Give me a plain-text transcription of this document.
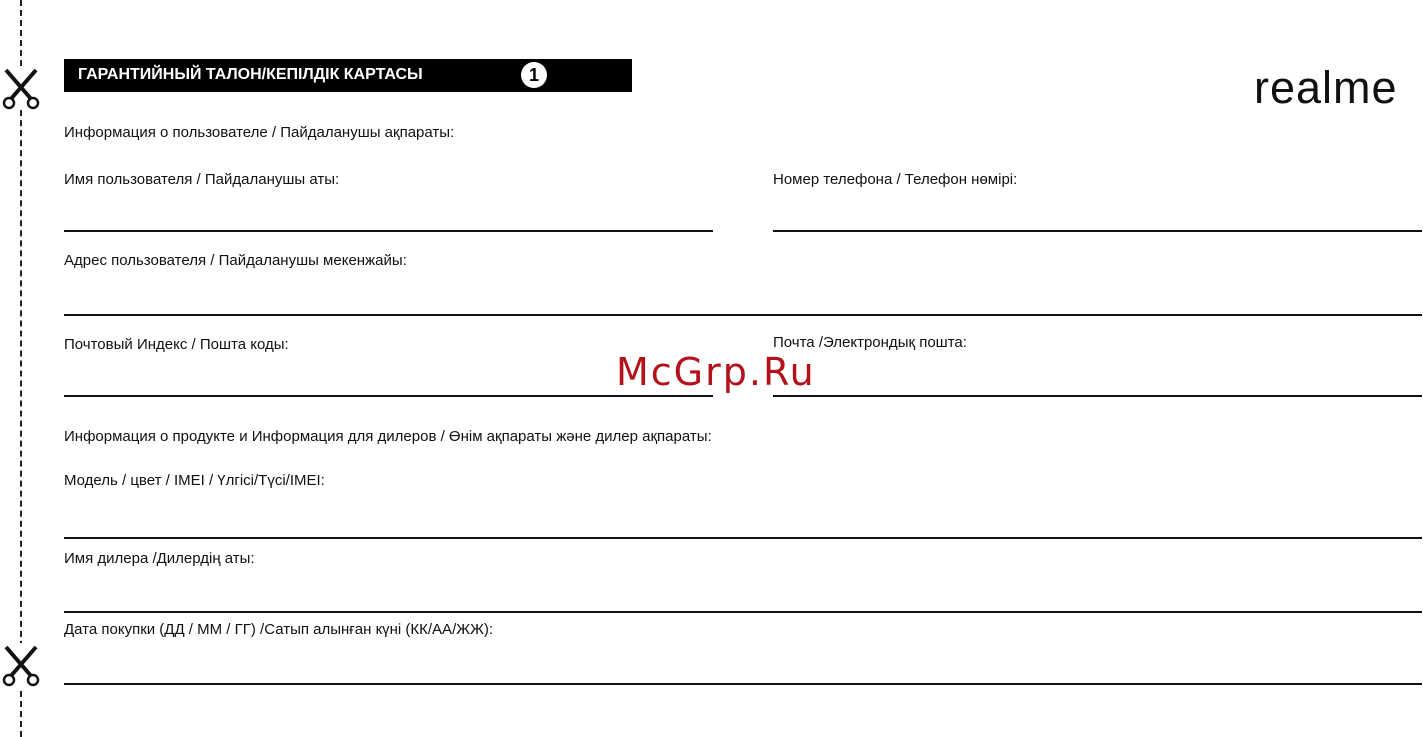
ГАРАНТИЙНЫЙ ТАЛОН/КЕПІЛДІК КАРТАСЫ	1	realme
Информация о пользователе / Пайдаланушы ақпараты:
Имя пользователя / Пайдаланушы аты:	Номер телефона / Телефон нөмірі:
Адрес пользователя / Пайдаланушы мекенжайы:
Почтовый Индекс / Пошта коды:	Почта /Электрондық пошта:
Информация о продукте и Информация для дилеров / Өнім ақпараты және дилер ақпараты:
Модель / цвет / IMEI / Үлгісі/Түсі/IMEI:
Имя дилера /Дилердің аты:
Дата покупки (ДД / ММ / ГГ) /Сатып алынған күні (КК/АА/ЖЖ):
McGrp.Ru
